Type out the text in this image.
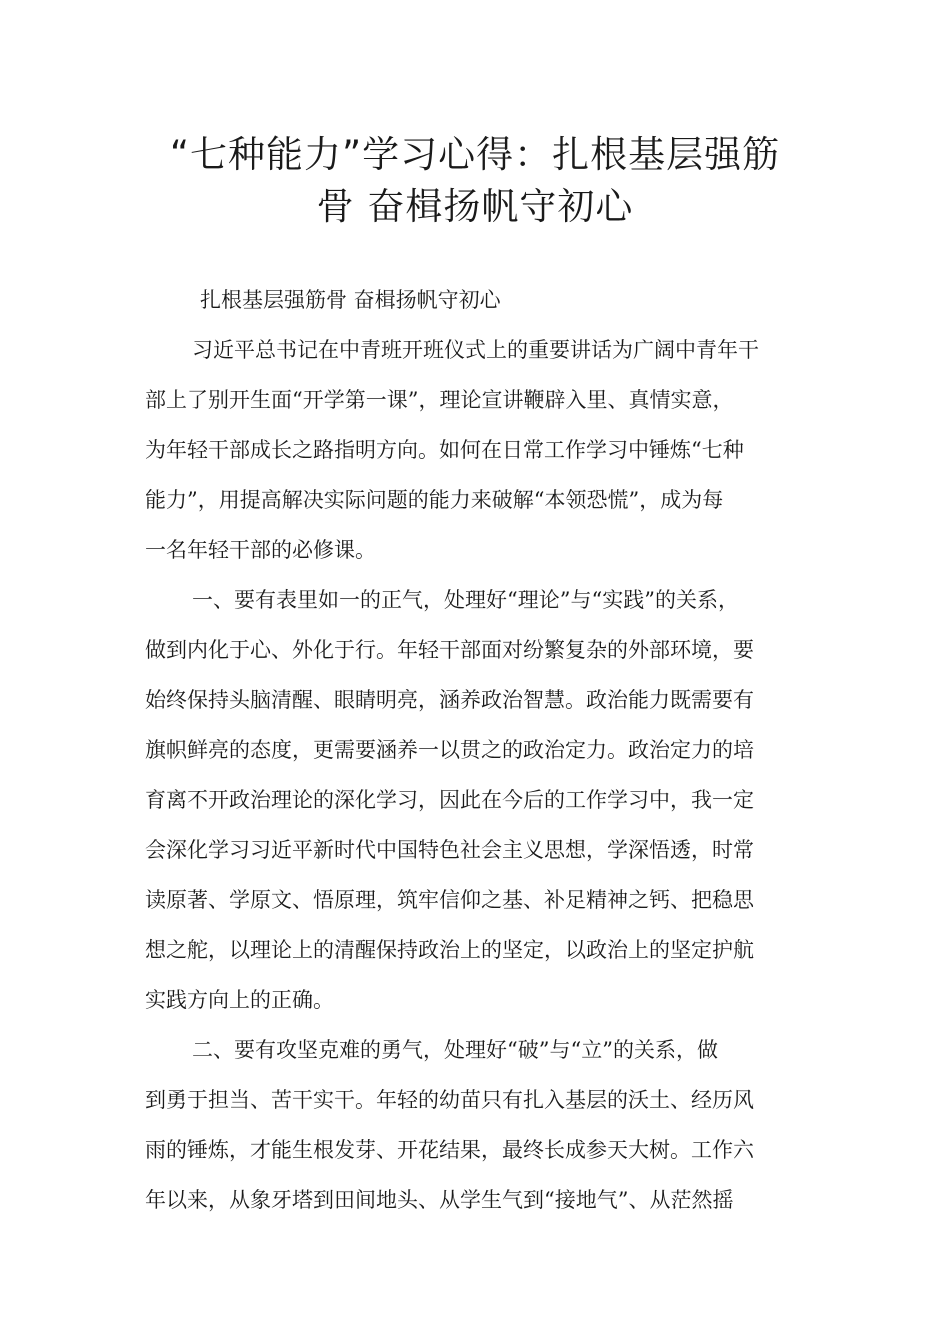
“七种能力”学习心得：扎根基层强筋
骨 奋楫扬帆守初心

扎根基层强筋骨 奋楫扬帆守初心

习近平总书记在中青班开班仪式上的重要讲话为广阔中青年干

部上了别开生面“开学第一课”，理论宣讲鞭辟入里、真情实意，

为年轻干部成长之路指明方向。如何在日常工作学习中锤炼“七种

能力”，用提高解决实际问题的能力来破解“本领恐慌”，成为每

一名年轻干部的必修课。

一、要有表里如一的正气，处理好“理论”与“实践”的关系，

做到内化于心、外化于行。年轻干部面对纷繁复杂的外部环境，要

始终保持头脑清醒、眼睛明亮，涵养政治智慧。政治能力既需要有

旗帜鲜亮的态度，更需要涵养一以贯之的政治定力。政治定力的培

育离不开政治理论的深化学习，因此在今后的工作学习中，我一定

会深化学习习近平新时代中国特色社会主义思想，学深悟透，时常

读原著、学原文、悟原理，筑牢信仰之基、补足精神之钙、把稳思

想之舵，以理论上的清醒保持政治上的坚定，以政治上的坚定护航

实践方向上的正确。

二、要有攻坚克难的勇气，处理好“破”与“立”的关系，做

到勇于担当、苦干实干。年轻的幼苗只有扎入基层的沃土、经历风

雨的锤炼，才能生根发芽、开花结果，最终长成参天大树。工作六

年以来，从象牙塔到田间地头、从学生气到“接地气”、从茫然摇
